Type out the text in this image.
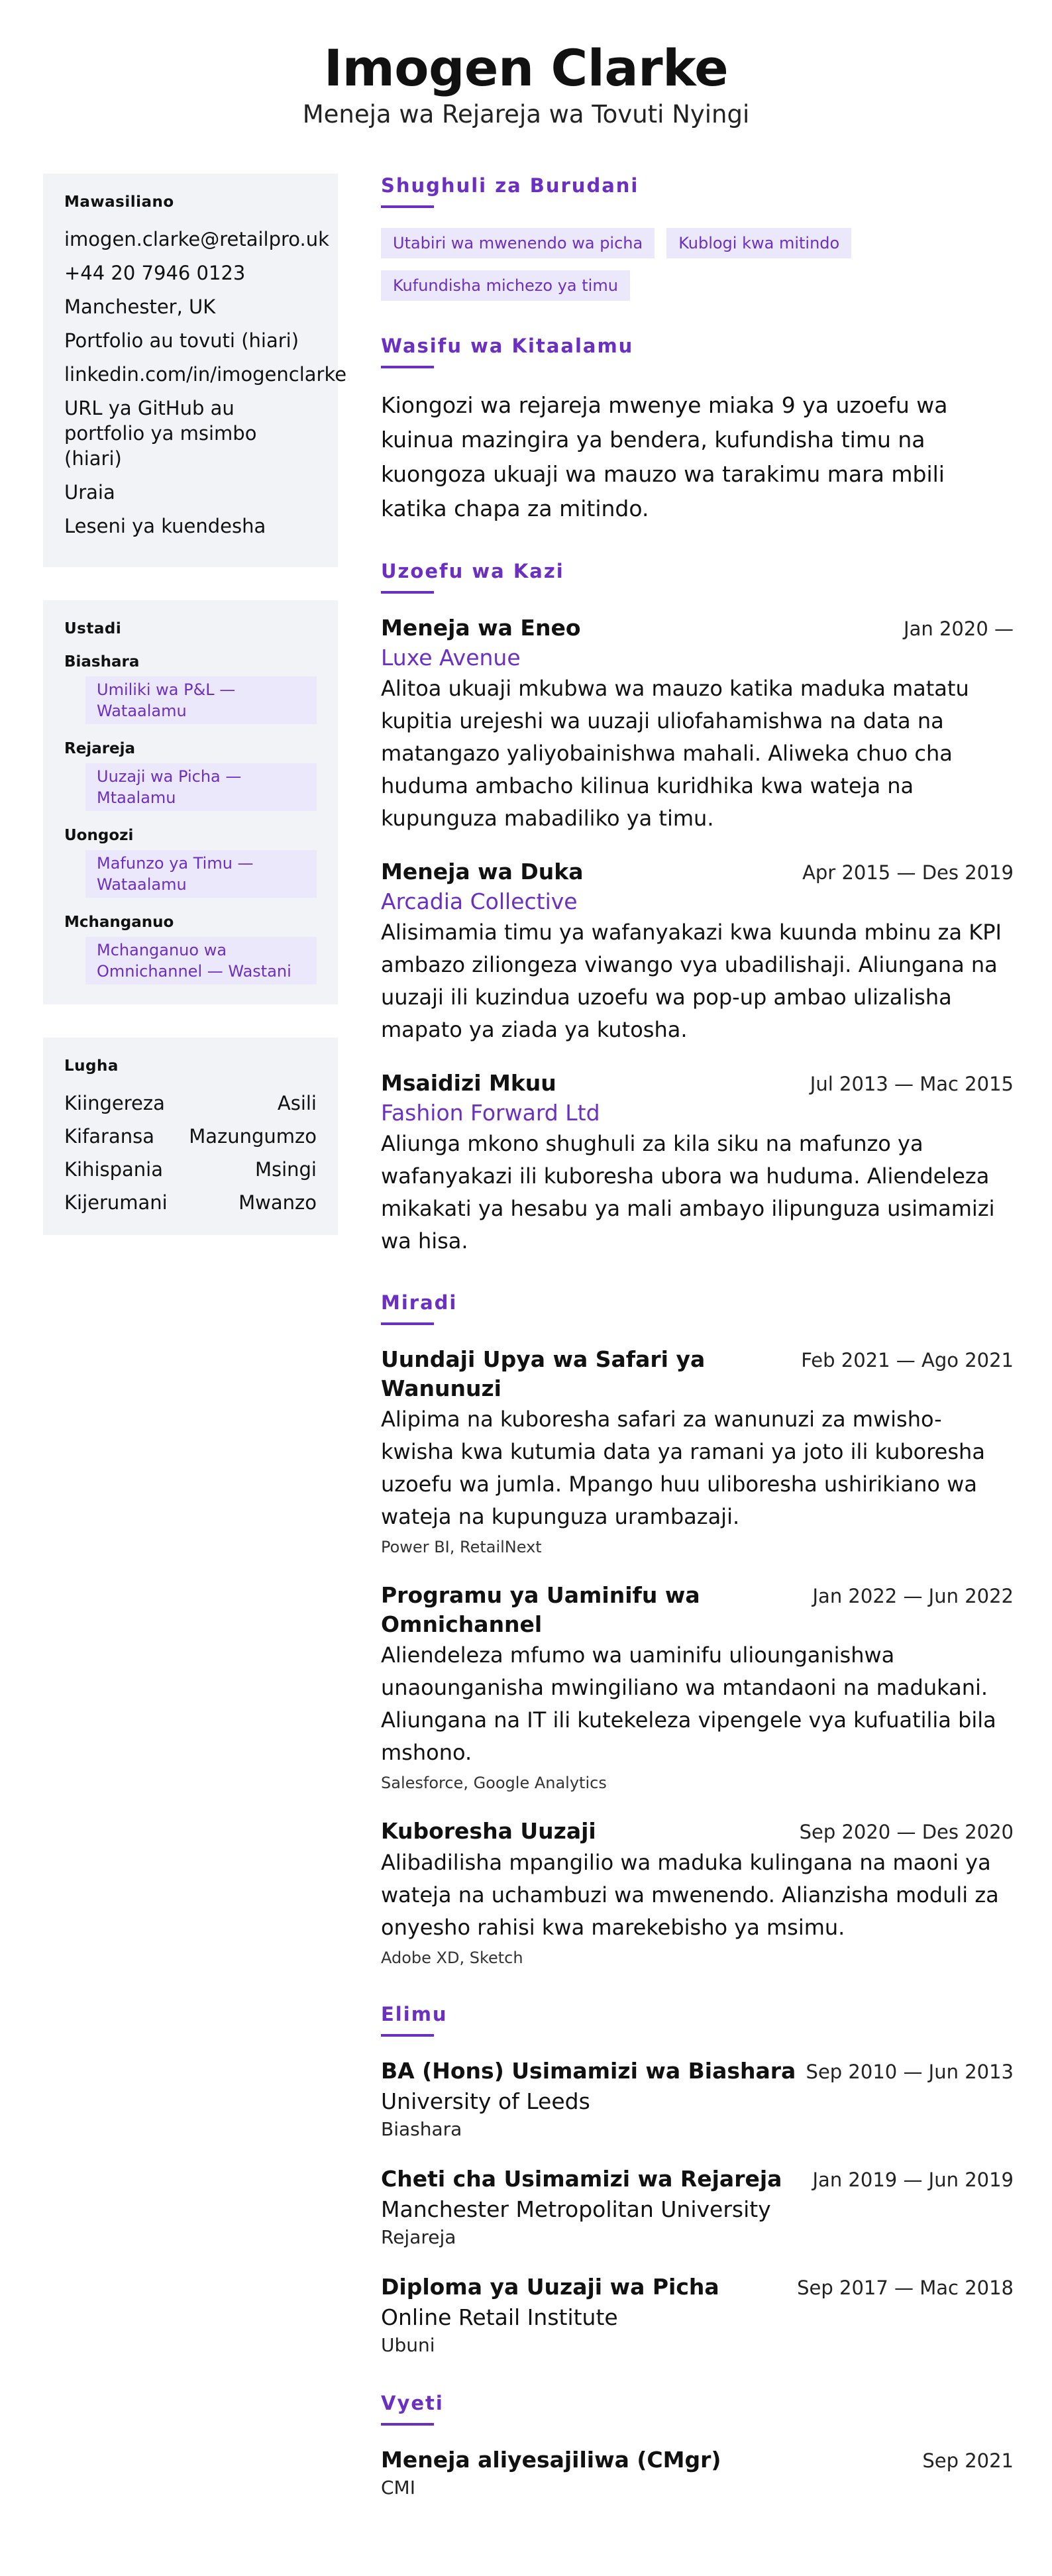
Imogen Clarke
Meneja wa Rejareja wa Tovuti Nyingi
Mawasiliano
imogen.clarke@retailpro.uk
+44 20 7946 0123
Manchester, UK
Portfolio au tovuti (hiari)
linkedin.com/in/imogenclarke
URL ya GitHub au portfolio ya msimbo (hiari)
Uraia
Leseni ya kuendesha
Ustadi
Biashara
Umiliki wa P&L — Wataalamu
Rejareja
Uuzaji wa Picha — Mtaalamu
Uongozi
Mafunzo ya Timu — Wataalamu
Mchanganuo
Mchanganuo wa Omnichannel — Wastani
Lugha
Kiingereza	Asili
Kifaransa Mazungumzo
Kihispania	Msingi
Kijerumani	Mwanzo
Shughuli za Burudani
Utabiri wa mwenendo wa picha	Kublogi kwa mitindo
Kufundisha michezo ya timu
Wasifu wa Kitaalamu
Kiongozi wa rejareja mwenye miaka 9 ya uzoefu wa kuinua mazingira ya bendera, kufundisha timu na kuongoza ukuaji wa mauzo wa tarakimu mara mbili katika chapa za mitindo.
Uzoefu wa Kazi
Meneja wa Eneo	Jan 2020 —
Luxe Avenue
Alitoa ukuaji mkubwa wa mauzo katika maduka matatu kupitia urejeshi wa uuzaji uliofahamishwa na data na matangazo yaliyobainishwa mahali. Aliweka chuo cha huduma ambacho kilinua kuridhika kwa wateja na kupunguza mabadiliko ya timu.
Meneja wa Duka	Apr 2015 — Des 2019
Arcadia Collective
Alisimamia timu ya wafanyakazi kwa kuunda mbinu za KPI ambazo ziliongeza viwango vya ubadilishaji. Aliungana na uuzaji ili kuzindua uzoefu wa pop-up ambao ulizalisha mapato ya ziada ya kutosha.
Msaidizi Mkuu	Jul 2013 — Mac 2015
Fashion Forward Ltd
Aliunga mkono shughuli za kila siku na mafunzo ya wafanyakazi ili kuboresha ubora wa huduma. Aliendeleza mikakati ya hesabu ya mali ambayo ilipunguza usimamizi wa hisa.
Miradi
Uundaji Upya wa Safari ya Wanunuzi
Feb 2021 — Ago 2021
Alipima na kuboresha safari za wanunuzi za mwisho-kwisha kwa kutumia data ya ramani ya joto ili kuboresha uzoefu wa jumla. Mpango huu uliboresha ushirikiano wa wateja na kupunguza urambazaji.
Power BI, RetailNext
Programu ya Uaminifu wa Omnichannel
Jan 2022 — Jun 2022
Aliendeleza mfumo wa uaminifu uliounganishwa unaounganisha mwingiliano wa mtandaoni na madukani. Aliungana na IT ili kutekeleza vipengele vya kufuatilia bila mshono.
Salesforce, Google Analytics
Kuboresha Uuzaji	Sep 2020 — Des 2020
Alibadilisha mpangilio wa maduka kulingana na maoni ya wateja na uchambuzi wa mwenendo. Alianzisha moduli za onyesho rahisi kwa marekebisho ya msimu.
Adobe XD, Sketch
Elimu
BA (Hons) Usimamizi wa Biashara Sep 2010 — Jun 2013
University of Leeds
Biashara
Cheti cha Usimamizi wa Rejareja Jan 2019 — Jun 2019
Manchester Metropolitan University
Rejareja
Diploma ya Uuzaji wa Picha	Sep 2017 — Mac 2018
Online Retail Institute
Ubuni
Vyeti
Meneja aliyesajiliwa (CMgr)	Sep 2021
CMI
